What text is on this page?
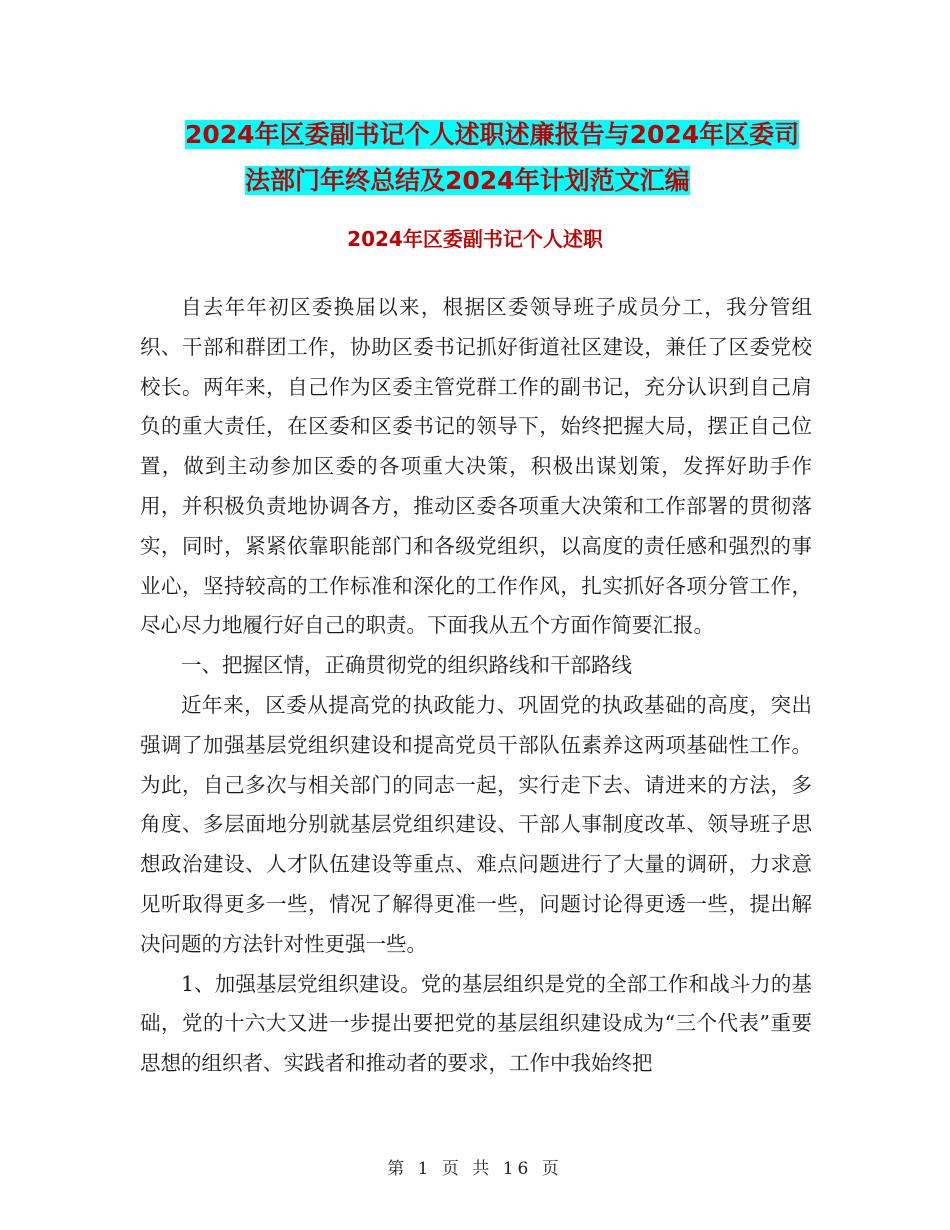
2024年区委副书记个人述职述廉报告与2024年区委司
法部门年终总结及2024年计划范文汇编
2024年区委副书记个人述职

自去年年初区委换届以来，根据区委领导班子成员分工，我分管组织、干部和群团工作，协助区委书记抓好街道社区建设，兼任了区委党校校长。两年来，自己作为区委主管党群工作的副书记，充分认识到自己肩负的重大责任，在区委和区委书记的领导下，始终把握大局，摆正自己位置，做到主动参加区委的各项重大决策，积极出谋划策，发挥好助手作用，并积极负责地协调各方，推动区委各项重大决策和工作部署的贯彻落实，同时，紧紧依靠职能部门和各级党组织，以高度的责任感和强烈的事业心，坚持较高的工作标准和深化的工作作风，扎实抓好各项分管工作，尽心尽力地履行好自己的职责。下面我从五个方面作简要汇报。

一、把握区情，正确贯彻党的组织路线和干部路线

近年来，区委从提高党的执政能力、巩固党的执政基础的高度，突出强调了加强基层党组织建设和提高党员干部队伍素养这两项基础性工作。为此，自己多次与相关部门的同志一起，实行走下去、请进来的方法，多角度、多层面地分别就基层党组织建设、干部人事制度改革、领导班子思想政治建设、人才队伍建设等重点、难点问题进行了大量的调研，力求意见听取得更多一些，情况了解得更准一些，问题讨论得更透一些，提出解决问题的方法针对性更强一些。

1、加强基层党组织建设。党的基层组织是党的全部工作和战斗力的基础，党的十六大又进一步提出要把党的基层组织建设成为“三个代表”重要思想的组织者、实践者和推动者的要求，工作中我始终把

第 1 页 共 16 页
